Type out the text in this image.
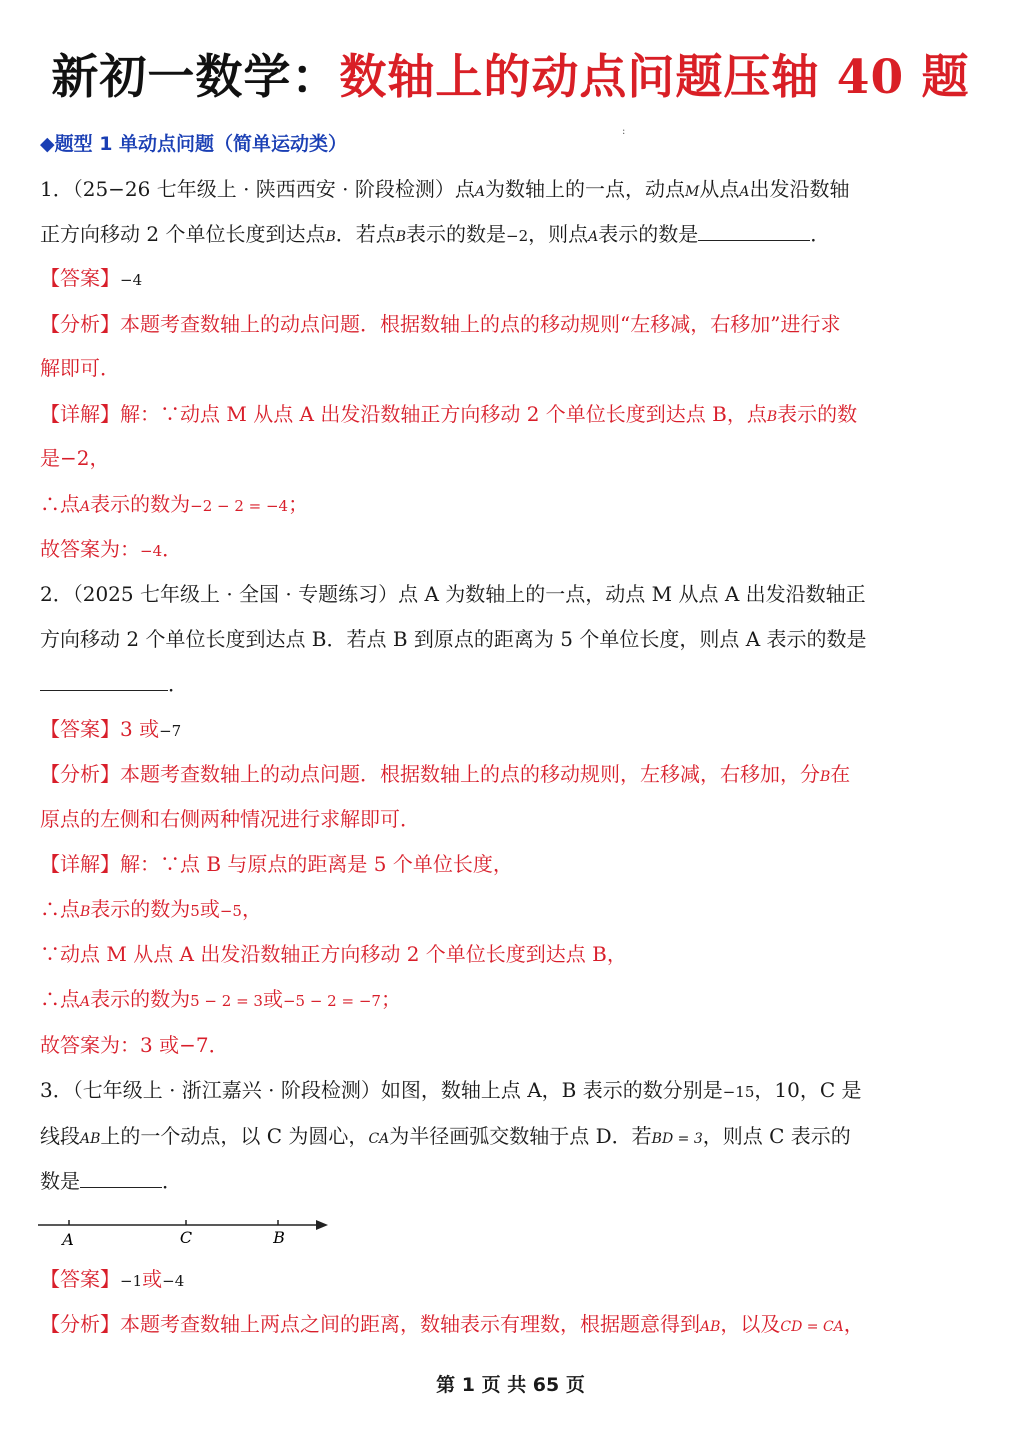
新初一数学：数轴上的动点问题压轴 40 题
◆题型 1 单动点问题（简单运动类）
:
1．（25−26 七年级上 · 陕西西安 · 阶段检测）点A为数轴上的一点，动点M从点A出发沿数轴
正方向移动 2 个单位长度到达点B．若点B表示的数是−2，则点A表示的数是	．
【答案】−4
【分析】本题考查数轴上的动点问题．根据数轴上的点的移动规则“左移减，右移加”进行求
解即可．
【详解】解：∵动点 M 从点 A 出发沿数轴正方向移动 2 个单位长度到达点 B，点B表示的数
是−2，
∴点A表示的数为−2 − 2 = −4；
故答案为：−4．
2．（2025 七年级上 · 全国 · 专题练习）点 A 为数轴上的一点，动点 M 从点 A 出发沿数轴正
方向移动 2 个单位长度到达点 B．若点 B 到原点的距离为 5 个单位长度，则点 A 表示的数是
．
【答案】3 或−7
【分析】本题考查数轴上的动点问题．根据数轴上的点的移动规则，左移减，右移加，分B在
原点的左侧和右侧两种情况进行求解即可．
【详解】解：∵点 B 与原点的距离是 5 个单位长度，
∴点B表示的数为5或−5，
∵动点 M 从点 A 出发沿数轴正方向移动 2 个单位长度到达点 B，
∴点A表示的数为5 − 2 = 3或−5 − 2 = −7；
故答案为：3 或−7．
3．（七年级上 · 浙江嘉兴 · 阶段检测）如图，数轴上点 A，B 表示的数分别是−15，10，C 是
线段AB上的一个动点，以 C 为圆心，CA为半径画弧交数轴于点 D．若BD = 3，则点 C 表示的
数是	．
A	C	B
【答案】−1或−4
【分析】本题考查数轴上两点之间的距离，数轴表示有理数，根据题意得到AB，以及CD = CA，
第 1 页 共 65 页
